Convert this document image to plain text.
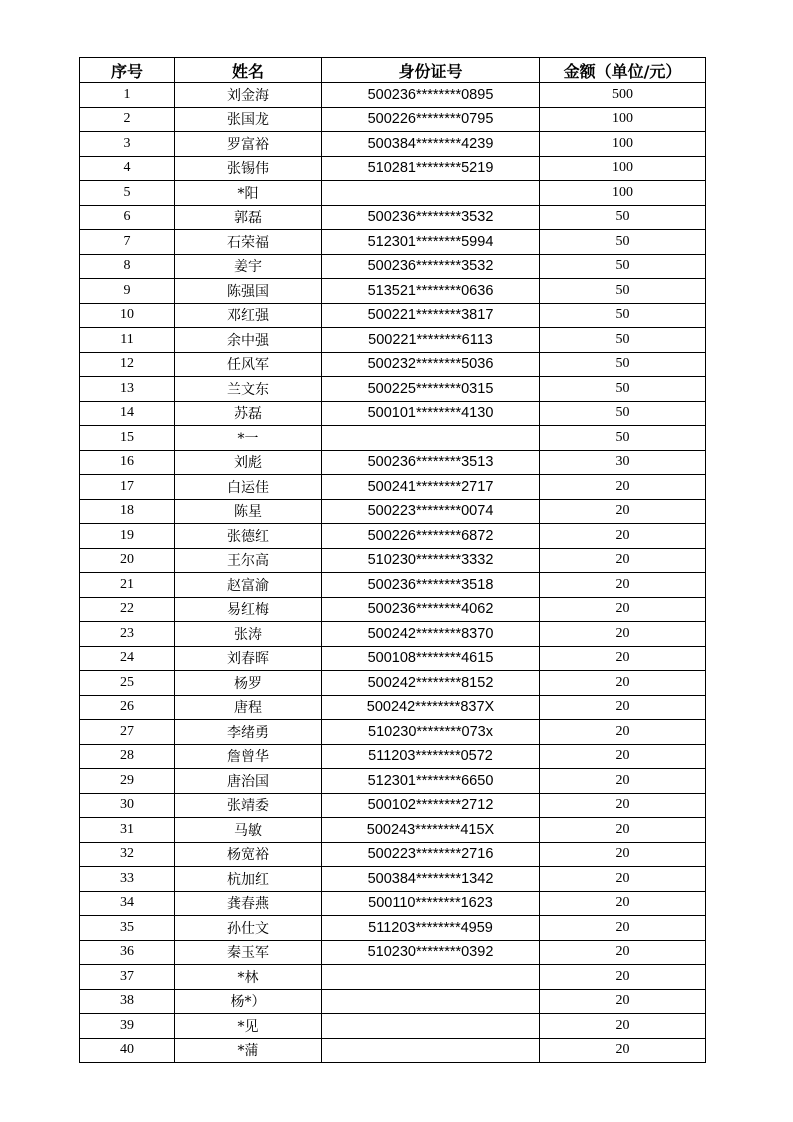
序号	姓名	身份证号	金额（单位/元）
1	刘金海	500236********0895	500
2	张国龙	500226********0795	100
3	罗富裕	500384********4239	100
4	张锡伟	510281********5219	100
5	*阳		100
6	郭磊	500236********3532	50
7	石荣福	512301********5994	50
8	姜宇	500236********3532	50
9	陈强国	513521********0636	50
10	邓红强	500221********3817	50
11	余中强	500221********6113	50
12	任风军	500232********5036	50
13	兰文东	500225********0315	50
14	苏磊	500101********4130	50
15	*一		50
16	刘彪	500236********3513	30
17	白运佳	500241********2717	20
18	陈星	500223********0074	20
19	张德红	500226********6872	20
20	王尔高	510230********3332	20
21	赵富渝	500236********3518	20
22	易红梅	500236********4062	20
23	张涛	500242********8370	20
24	刘春晖	500108********4615	20
25	杨罗	500242********8152	20
26	唐程	500242********837X	20
27	李绪勇	510230********073x	20
28	詹曾华	511203********0572	20
29	唐治国	512301********6650	20
30	张靖委	500102********2712	20
31	马敏	500243********415X	20
32	杨宽裕	500223********2716	20
33	杭加红	500384********1342	20
34	龚春燕	500110********1623	20
35	孙仕文	511203********4959	20
36	秦玉军	510230********0392	20
37	*林		20
38	杨*）		20
39	*见		20
40	*蒲		20
